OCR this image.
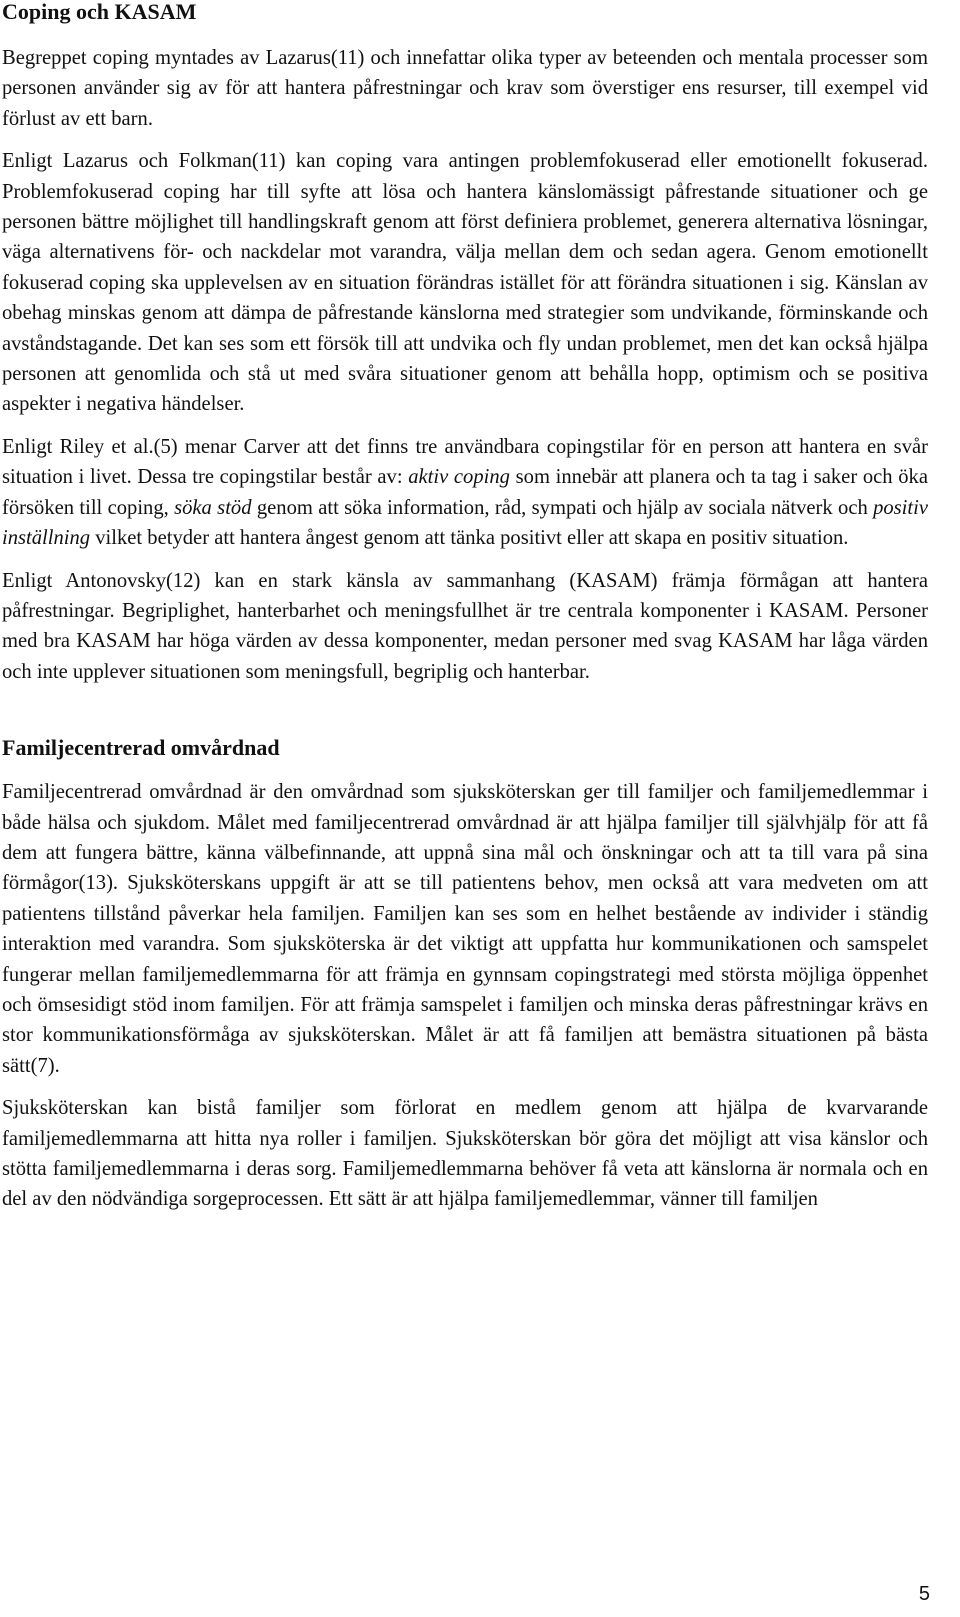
Coping och KASAM

Begreppet coping myntades av Lazarus(11) och innefattar olika typer av beteenden och mentala processer som personen använder sig av för att hantera påfrestningar och krav som överstiger ens resurser, till exempel vid förlust av ett barn.

Enligt Lazarus och Folkman(11) kan coping vara antingen problemfokuserad eller emotionellt fokuserad. Problemfokuserad coping har till syfte att lösa och hantera känslomässigt påfrestande situationer och ge personen bättre möjlighet till handlingskraft genom att först definiera problemet, generera alternativa lösningar, väga alternativens för- och nackdelar mot varandra, välja mellan dem och sedan agera. Genom emotionellt fokuserad coping ska upplevelsen av en situation förändras istället för att förändra situationen i sig. Känslan av obehag minskas genom att dämpa de påfrestande känslorna med strategier som undvikande, förminskande och avståndstagande. Det kan ses som ett försök till att undvika och fly undan problemet, men det kan också hjälpa personen att genomlida och stå ut med svåra situationer genom att behålla hopp, optimism och se positiva aspekter i negativa händelser.

Enligt Riley et al.(5) menar Carver att det finns tre användbara copingstilar för en person att hantera en svår situation i livet. Dessa tre copingstilar består av: aktiv coping som innebär att planera och ta tag i saker och öka försöken till coping, söka stöd genom att söka information, råd, sympati och hjälp av sociala nätverk och positiv inställning vilket betyder att hantera ångest genom att tänka positivt eller att skapa en positiv situation.

Enligt Antonovsky(12) kan en stark känsla av sammanhang (KASAM) främja förmågan att hantera påfrestningar. Begriplighet, hanterbarhet och meningsfullhet är tre centrala komponenter i KASAM. Personer med bra KASAM har höga värden av dessa komponenter, medan personer med svag KASAM har låga värden och inte upplever situationen som meningsfull, begriplig och hanterbar.

Familjecentrerad omvårdnad

Familjecentrerad omvårdnad är den omvårdnad som sjuksköterskan ger till familjer och familjemedlemmar i både hälsa och sjukdom. Målet med familjecentrerad omvårdnad är att hjälpa familjer till självhjälp för att få dem att fungera bättre, känna välbefinnande, att uppnå sina mål och önskningar och att ta till vara på sina förmågor(13). Sjuksköterskans uppgift är att se till patientens behov, men också att vara medveten om att patientens tillstånd påverkar hela familjen. Familjen kan ses som en helhet bestående av individer i ständig interaktion med varandra. Som sjuksköterska är det viktigt att uppfatta hur kommunikationen och samspelet fungerar mellan familjemedlemmarna för att främja en gynnsam copingstrategi med största möjliga öppenhet och ömsesidigt stöd inom familjen. För att främja samspelet i familjen och minska deras påfrestningar krävs en stor kommunikationsförmåga av sjuksköterskan. Målet är att få familjen att bemästra situationen på bästa sätt(7).

Sjuksköterskan kan bistå familjer som förlorat en medlem genom att hjälpa de kvarvarande familjemedlemmarna att hitta nya roller i familjen. Sjuksköterskan bör göra det möjligt att visa känslor och stötta familjemedlemmarna i deras sorg. Familjemedlemmarna behöver få veta att känslorna är normala och en del av den nödvändiga sorgeprocessen. Ett sätt är att hjälpa familjemedlemmar, vänner till familjen

5
